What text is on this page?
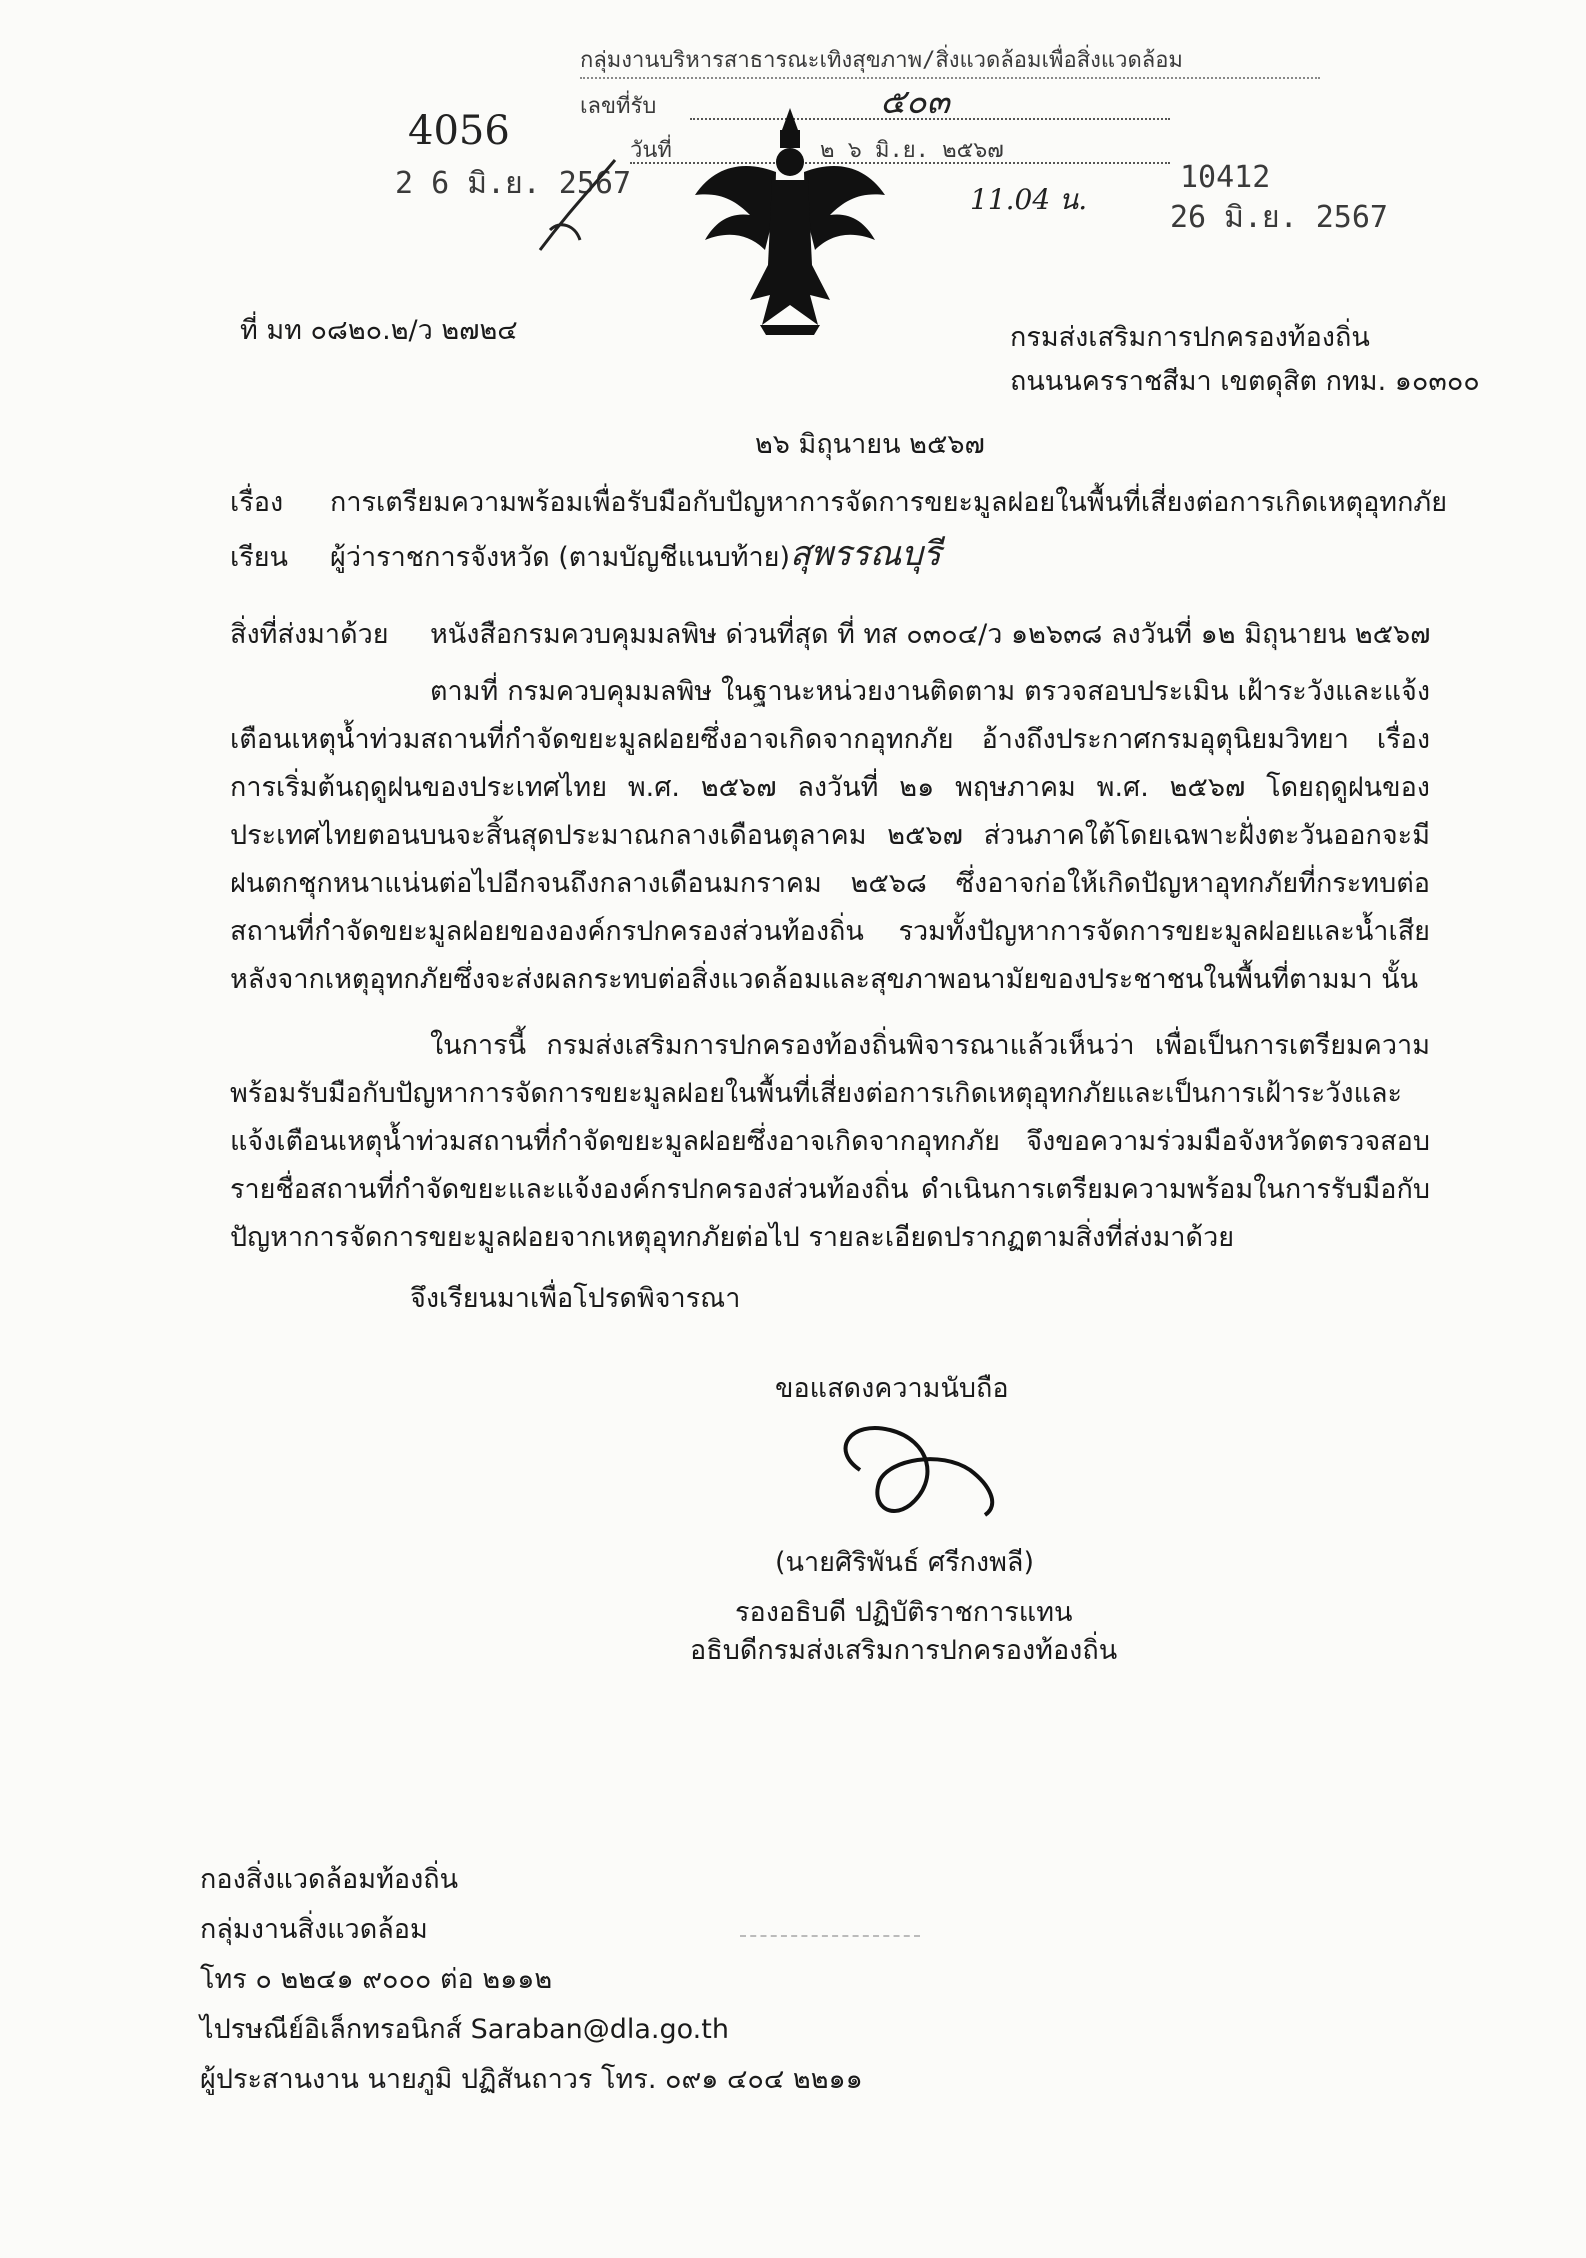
กลุ่มงานบริหารสาธารณะเทิงสุขภาพ/สิ่งแวดล้อมเพื่อสิ่งแวดล้อม
เลขที่รับ	๕๐๓
วันที่	๒ ๖ มิ.ย. ๒๕๖๗
11.04 น.
4056
2 6 มิ.ย. 2567	10412
26 มิ.ย. 2567
ที่ มท ๐๘๒๐.๒/ว ๒๗๒๔	กรมส่งเสริมการปกครองท้องถิ่น
ถนนนครราชสีมา เขตดุสิต กทม. ๑๐๓๐๐
๒๖ มิถุนายน ๒๕๖๗
เรื่อง การเตรียมความพร้อมเพื่อรับมือกับปัญหาการจัดการขยะมูลฝอยในพื้นที่เสี่ยงต่อการเกิดเหตุอุทกภัย
เรียน ผู้ว่าราชการจังหวัด (ตามบัญชีแนบท้าย) สุพรรณบุรี
สิ่งที่ส่งมาด้วย หนังสือกรมควบคุมมลพิษ ด่วนที่สุด ที่ ทส ๐๓๐๔/ว ๑๒๖๓๘ ลงวันที่ ๑๒ มิถุนายน ๒๕๖๗
ตามที่ กรมควบคุมมลพิษ ในฐานะหน่วยงานติดตาม ตรวจสอบประเมิน เฝ้าระวังและแจ้งเตือนเหตุน้ำท่วมสถานที่กำจัดขยะมูลฝอยซึ่งอาจเกิดจากอุทกภัย อ้างถึงประกาศกรมอุตุนิยมวิทยา เรื่อง การเริ่มต้นฤดูฝนของประเทศไทย พ.ศ. ๒๕๖๗ ลงวันที่ ๒๑ พฤษภาคม พ.ศ. ๒๕๖๗ โดยฤดูฝนของประเทศไทยตอนบนจะสิ้นสุดประมาณกลางเดือนตุลาคม ๒๕๖๗ ส่วนภาคใต้โดยเฉพาะฝั่งตะวันออกจะมีฝนตกชุกหนาแน่นต่อไปอีกจนถึงกลางเดือนมกราคม ๒๕๖๘ ซึ่งอาจก่อให้เกิดปัญหาอุทกภัยที่กระทบต่อสถานที่กำจัดขยะมูลฝอยขององค์กรปกครองส่วนท้องถิ่น รวมทั้งปัญหาการจัดการขยะมูลฝอยและน้ำเสียหลังจากเหตุอุทกภัยซึ่งจะส่งผลกระทบต่อสิ่งแวดล้อมและสุขภาพอนามัยของประชาชนในพื้นที่ตามมา นั้น
ในการนี้ กรมส่งเสริมการปกครองท้องถิ่นพิจารณาแล้วเห็นว่า เพื่อเป็นการเตรียมความพร้อมรับมือกับปัญหาการจัดการขยะมูลฝอยในพื้นที่เสี่ยงต่อการเกิดเหตุอุทกภัยและเป็นการเฝ้าระวังและแจ้งเตือนเหตุน้ำท่วมสถานที่กำจัดขยะมูลฝอยซึ่งอาจเกิดจากอุทกภัย จึงขอความร่วมมือจังหวัดตรวจสอบรายชื่อสถานที่กำจัดขยะและแจ้งองค์กรปกครองส่วนท้องถิ่น ดำเนินการเตรียมความพร้อมในการรับมือกับปัญหาการจัดการขยะมูลฝอยจากเหตุอุทกภัยต่อไป รายละเอียดปรากฏตามสิ่งที่ส่งมาด้วย
จึงเรียนมาเพื่อโปรดพิจารณา
ขอแสดงความนับถือ
(นายศิริพันธ์ ศรีกงพลี)
รองอธิบดี ปฏิบัติราชการแทน
อธิบดีกรมส่งเสริมการปกครองท้องถิ่น
กองสิ่งแวดล้อมท้องถิ่น
กลุ่มงานสิ่งแวดล้อม
โทร ๐ ๒๒๔๑ ๙๐๐๐ ต่อ ๒๑๑๒
ไปรษณีย์อิเล็กทรอนิกส์ Saraban@dla.go.th
ผู้ประสานงาน นายภูมิ ปฏิสันถาวร โทร. ๐๙๑ ๔๐๔ ๒๒๑๑
